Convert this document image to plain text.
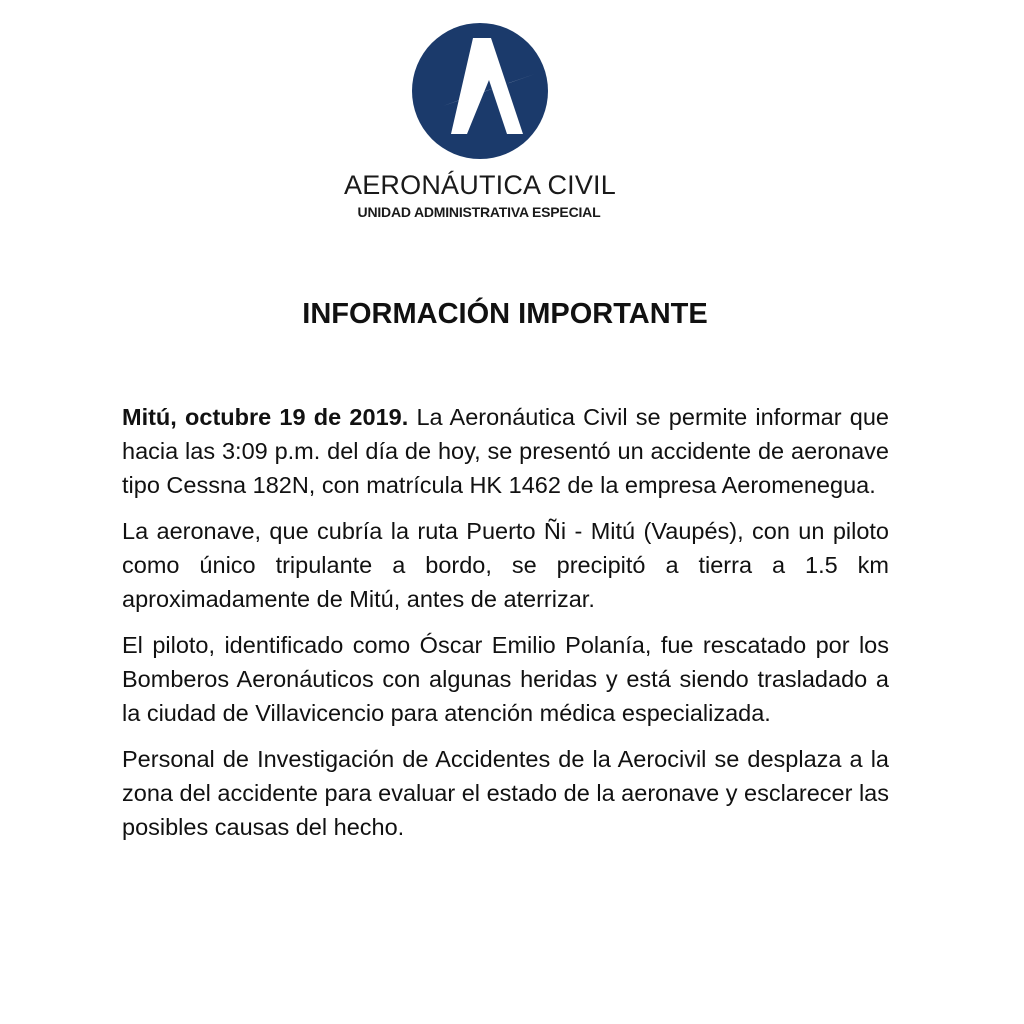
AERONÁUTICA CIVIL
UNIDAD ADMINISTRATIVA ESPECIAL
INFORMACIÓN IMPORTANTE

Mitú, octubre 19 de 2019. La Aeronáutica Civil se permite informar que hacia las 3:09 p.m. del día de hoy, se presentó un accidente de aeronave tipo Cessna 182N, con matrícula HK 1462 de la empresa Aeromenegua.

La aeronave, que cubría la ruta Puerto Ñi - Mitú (Vaupés), con un piloto como único tripulante a bordo, se precipitó a tierra a 1.5 km aproximadamente de Mitú, antes de aterrizar.

El piloto, identificado como Óscar Emilio Polanía, fue rescatado por los Bomberos Aeronáuticos con algunas heridas y está siendo trasladado a la ciudad de Villavicencio para atención médica especializada.

Personal de Investigación de Accidentes de la Aerocivil se desplaza a la zona del accidente para evaluar el estado de la aeronave y esclarecer las posibles causas del hecho.
